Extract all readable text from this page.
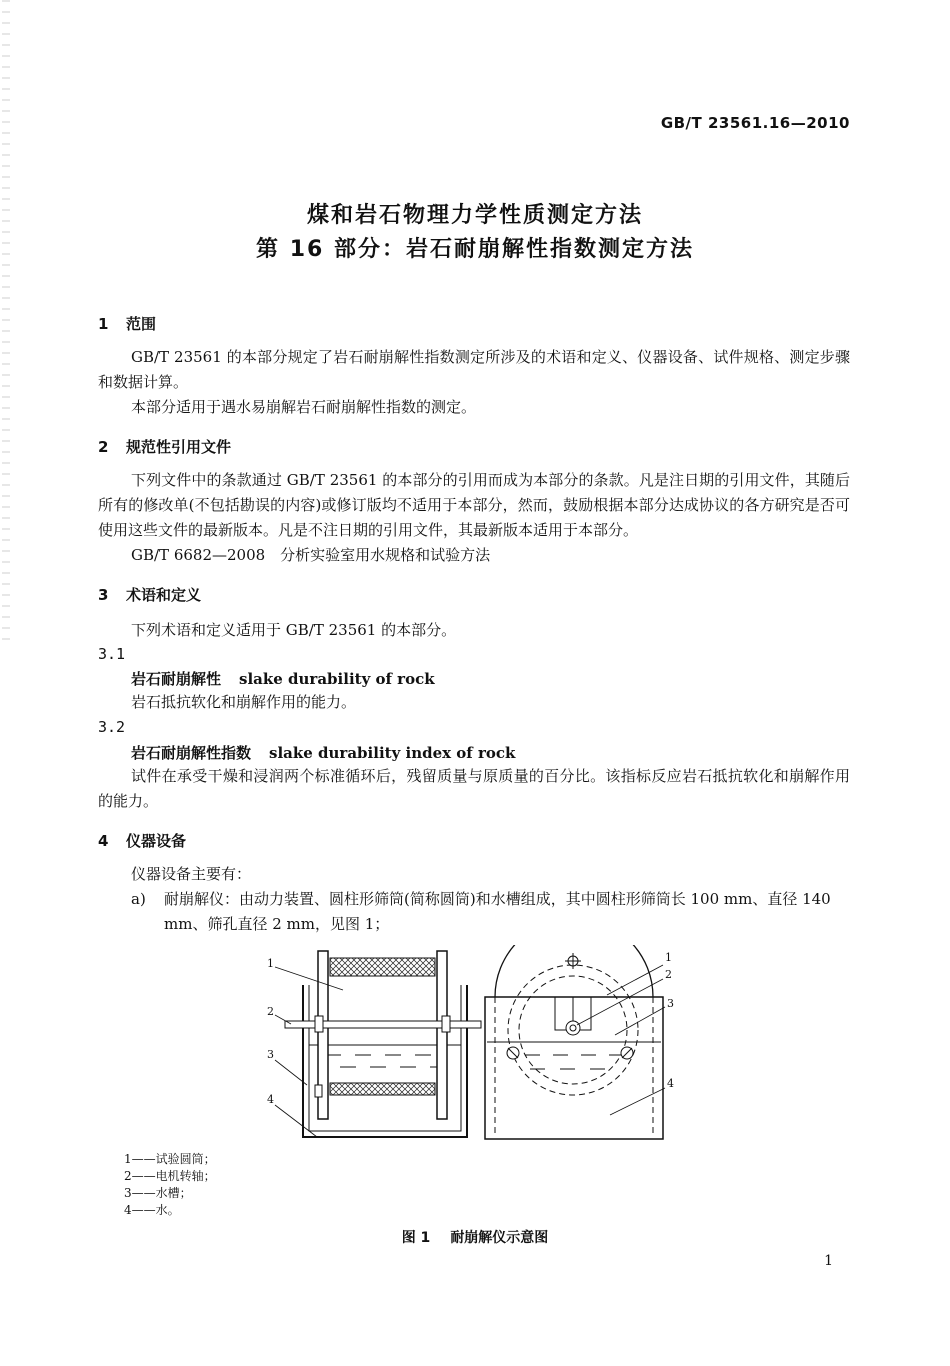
GB/T 23561.16—2010
煤和岩石物理力学性质测定方法
第 16 部分：岩石耐崩解性指数测定方法
1 范围
GB/T 23561 的本部分规定了岩石耐崩解性指数测定所涉及的术语和定义、仪器设备、试件规格、测定步骤和数据计算。
本部分适用于遇水易崩解岩石耐崩解性指数的测定。
2 规范性引用文件
下列文件中的条款通过 GB/T 23561 的本部分的引用而成为本部分的条款。凡是注日期的引用文件，其随后所有的修改单(不包括勘误的内容)或修订版均不适用于本部分，然而，鼓励根据本部分达成协议的各方研究是否可使用这些文件的最新版本。凡是不注日期的引用文件，其最新版本适用于本部分。
GB/T 6682—2008　分析实验室用水规格和试验方法
3 术语和定义
下列术语和定义适用于 GB/T 23561 的本部分。
3.1
岩石耐崩解性 slake durability of rock
岩石抵抗软化和崩解作用的能力。
3.2
岩石耐崩解性指数 slake durability index of rock
试件在承受干燥和浸润两个标准循环后，残留质量与原质量的百分比。该指标反应岩石抵抗软化和崩解作用的能力。
4 仪器设备
仪器设备主要有：
a) 耐崩解仪：由动力装置、圆柱形筛筒(简称圆筒)和水槽组成，其中圆柱形筛筒长 100 mm、直径 140 mm、筛孔直径 2 mm，见图 1；
1
2
3
4
1
2
3
4
1——试验圆筒；
2——电机转轴；
3——水槽；
4——水。
图 1 耐崩解仪示意图
1
